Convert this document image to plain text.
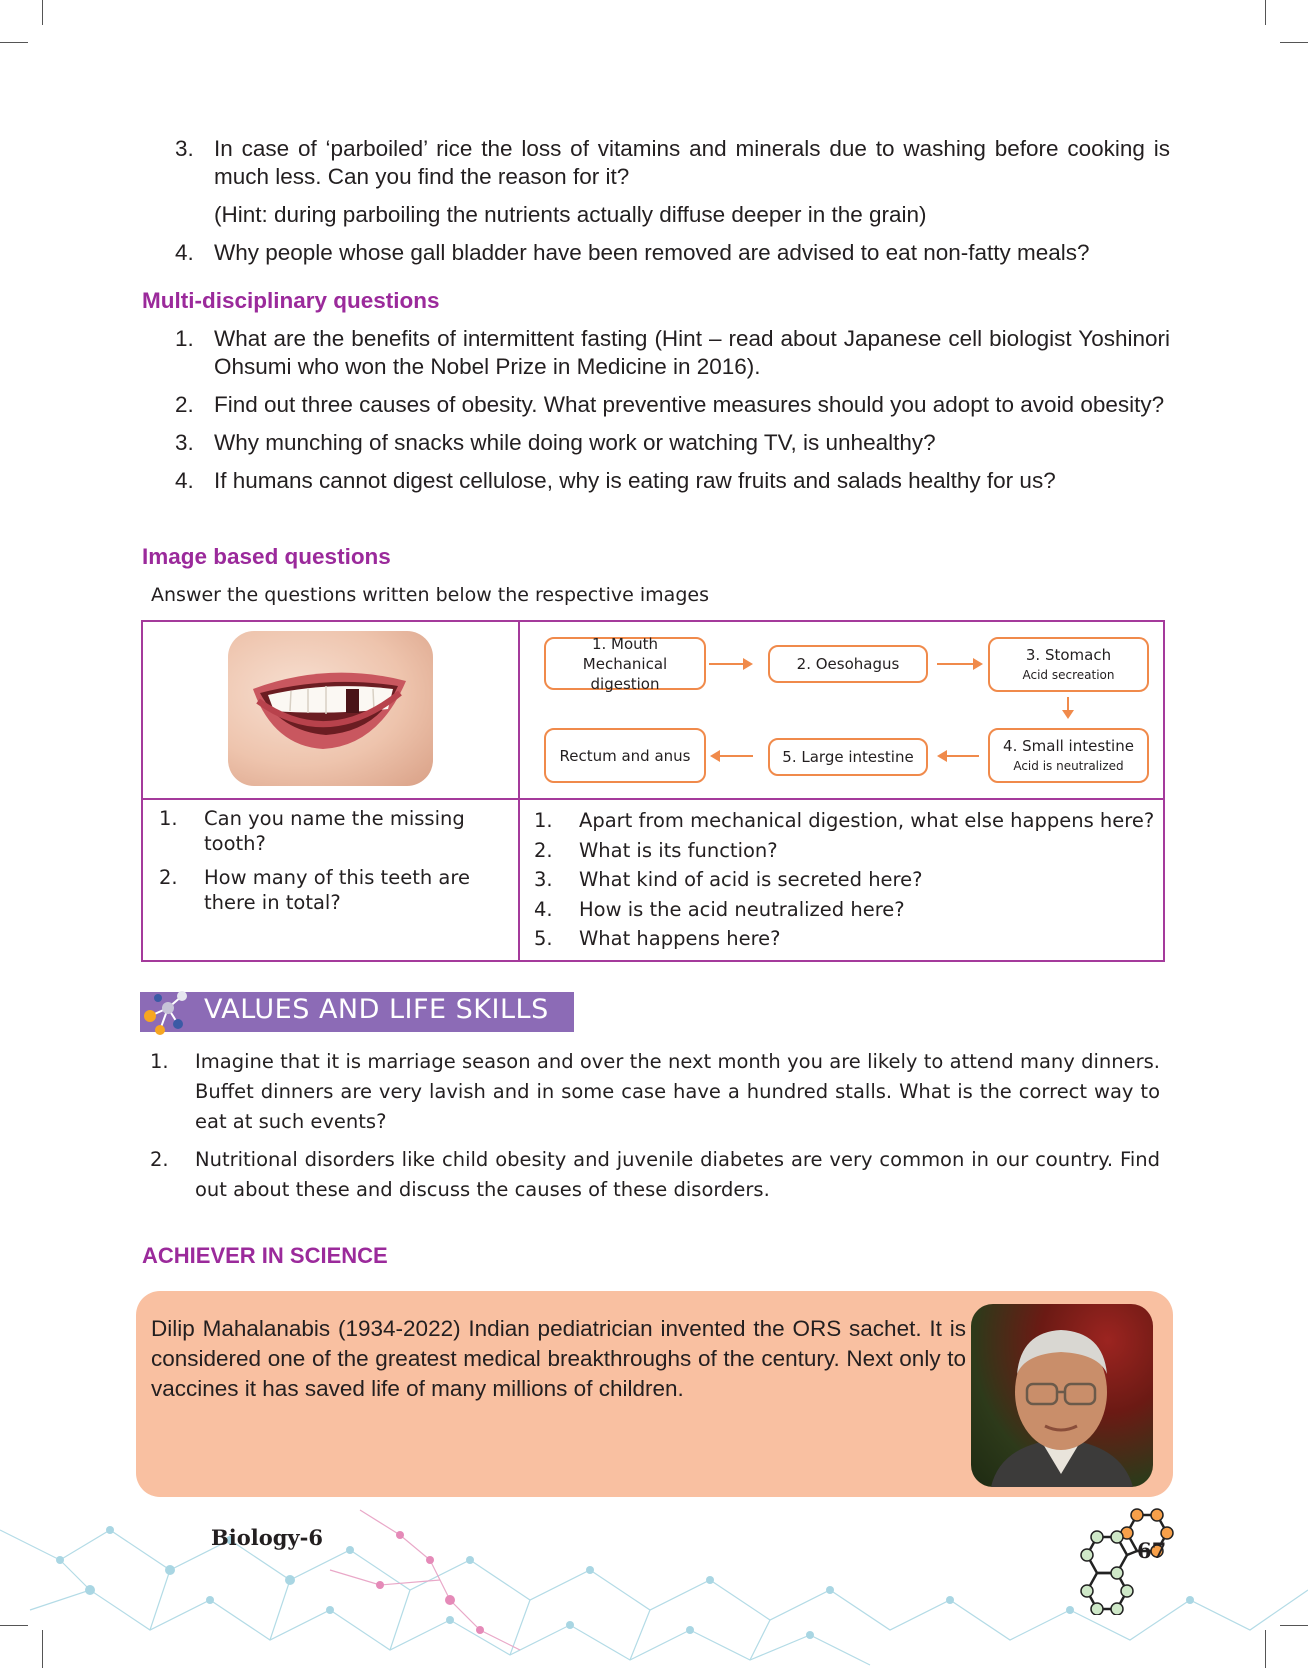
3. In case of ‘parboiled’ rice the loss of vitamins and minerals due to washing before cooking is much less. Can you find the reason for it?
(Hint: during parboiling the nutrients actually diffuse deeper in the grain)
4. Why people whose gall bladder have been removed are advised to eat non-fatty meals?
Multi-disciplinary questions
1. What are the benefits of intermittent fasting (Hint – read about Japanese cell biologist Yoshinori Ohsumi who won the Nobel Prize in Medicine in 2016).
2. Find out three causes of obesity. What preventive measures should you adopt to avoid obesity?
3. Why munching of snacks while doing work or watching TV, is unhealthy?
4. If humans cannot digest cellulose, why is eating raw fruits and salads healthy for us?
Image based questions
Answer the questions written below the respective images
1. Mouth
Mechanical digestion
2. Oesohagus
3. Stomach
Acid secreation
4. Small intestine
Acid is neutralized
5. Large intestine
Rectum and anus
1. Can you name the missing tooth?
2. How many of this teeth are there in total?
1. Apart from mechanical digestion, what else happens here?
2. What is its function?
3. What kind of acid is secreted here?
4. How is the acid neutralized here?
5. What happens here?
VALUES AND LIFE SKILLS
1. Imagine that it is marriage season and over the next month you are likely to attend many dinners. Buffet dinners are very lavish and in some case have a hundred stalls. What is the correct way to eat at such events?
2. Nutritional disorders like child obesity and juvenile diabetes are very common in our country. Find out about these and discuss the causes of these disorders.
ACHIEVER IN SCIENCE
Dilip Mahalanabis (1934-2022) Indian pediatrician invented the ORS sachet. It is considered one of the greatest medical breakthroughs of the century. Next only to vaccines it has saved life of many millions of children.
Biology-6
67
